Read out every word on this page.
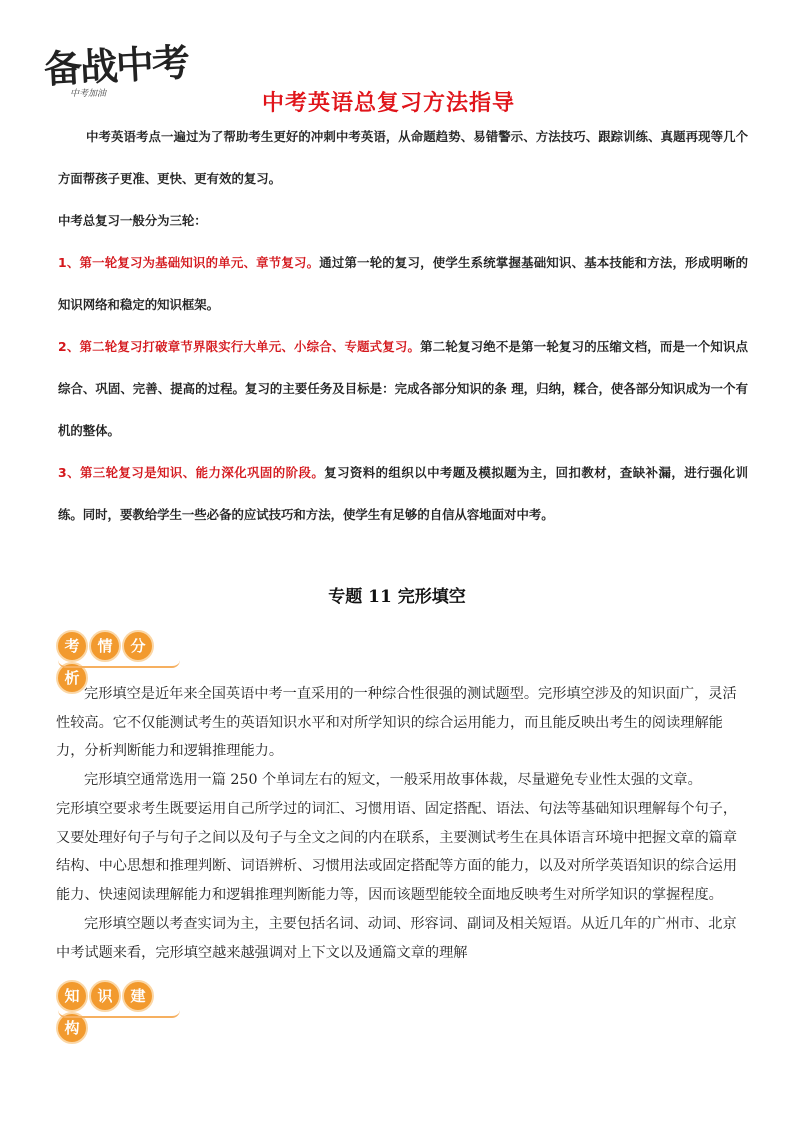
备战中考
中考加油	中考英语总复习方法指导

中考英语考点一遍过为了帮助考生更好的冲刺中考英语，从命题趋势、易错警示、方法技巧、跟踪训练、真题再现等几个方面帮孩子更准、更快、更有效的复习。

中考总复习一般分为三轮：

1、第一轮复习为基础知识的单元、章节复习。通过第一轮的复习，使学生系统掌握基础知识、基本技能和方法，形成明晰的知识网络和稳定的知识框架。

2、第二轮复习打破章节界限实行大单元、小综合、专题式复习。第二轮复习绝不是第一轮复习的压缩文档，而是一个知识点综合、巩固、完善、提高的过程。复习的主要任务及目标是：完成各部分知识的条 理，归纳，糅合，使各部分知识成为一个有机的整体。

3、第三轮复习是知识、能力深化巩固的阶段。复习资料的组织以中考题及模拟题为主，回扣教材，查缺补漏，进行强化训练。同时，要教给学生一些必备的应试技巧和方法，使学生有足够的自信从容地面对中考。

专题 11 完形填空
考 情 分析

完形填空是近年来全国英语中考一直采用的一种综合性很强的测试题型。完形填空涉及的知识面广，灵活性较高。它不仅能测试考生的英语知识水平和对所学知识的综合运用能力，而且能反映出考生的阅读理解能力，分析判断能力和逻辑推理能力。

完形填空通常选用一篇 250 个单词左右的短文，一般采用故事体裁，尽量避免专业性太强的文章。

完形填空要求考生既要运用自己所学过的词汇、习惯用语、固定搭配、语法、句法等基础知识理解每个句子，又要处理好句子与句子之间以及句子与全文之间的内在联系，主要测试考生在具体语言环境中把握文章的篇章结构、中心思想和推理判断、词语辨析、习惯用法或固定搭配等方面的能力，以及对所学英语知识的综合运用能力、快速阅读理解能力和逻辑推理判断能力等，因而该题型能较全面地反映考生对所学知识的掌握程度。

完形填空题以考查实词为主，主要包括名词、动词、形容词、副词及相关短语。从近几年的广州市、北京中考试题来看，完形填空越来越强调对上下文以及通篇文章的理解

知 识 建构
